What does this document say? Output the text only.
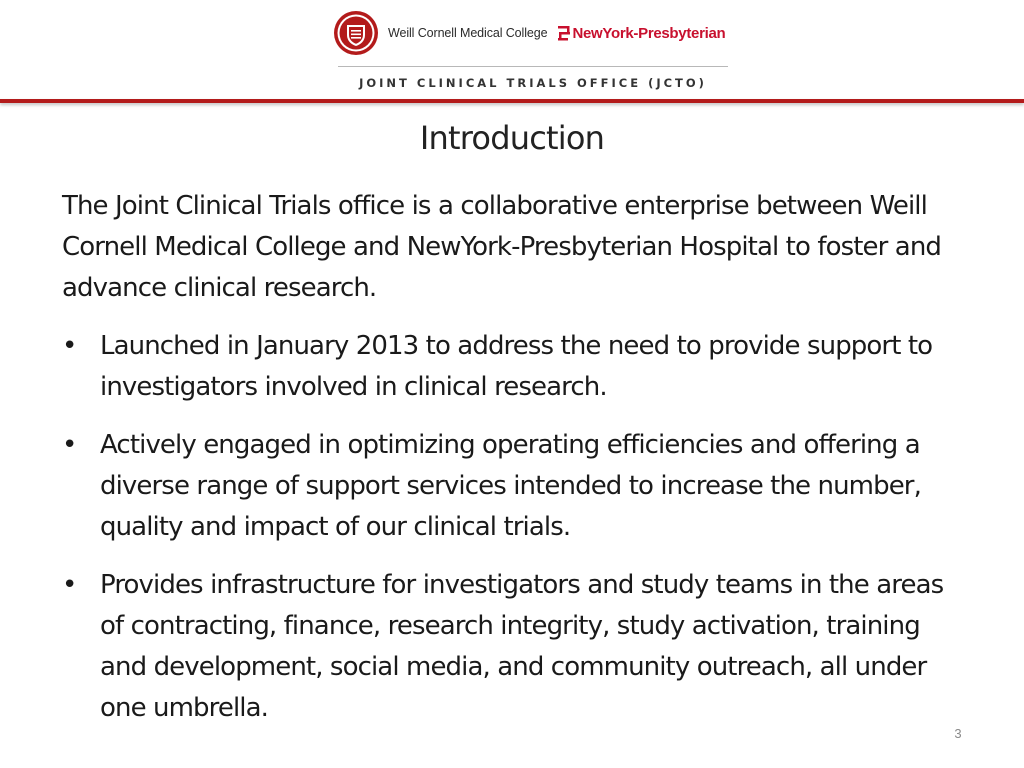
Weill Cornell Medical College NewYork-Presbyterian
JOINT CLINICAL TRIALS OFFICE (JCTO)
Introduction

The Joint Clinical Trials office is a collaborative enterprise between Weill Cornell Medical College and NewYork-Presbyterian Hospital to foster and advance clinical research.

• Launched in January 2013 to address the need to provide support to investigators involved in clinical research.
• Actively engaged in optimizing operating efficiencies and offering a diverse range of support services intended to increase the number, quality and impact of our clinical trials.
• Provides infrastructure for investigators and study teams in the areas of contracting, finance, research integrity, study activation, training and development, social media, and community outreach, all under one umbrella.
3
